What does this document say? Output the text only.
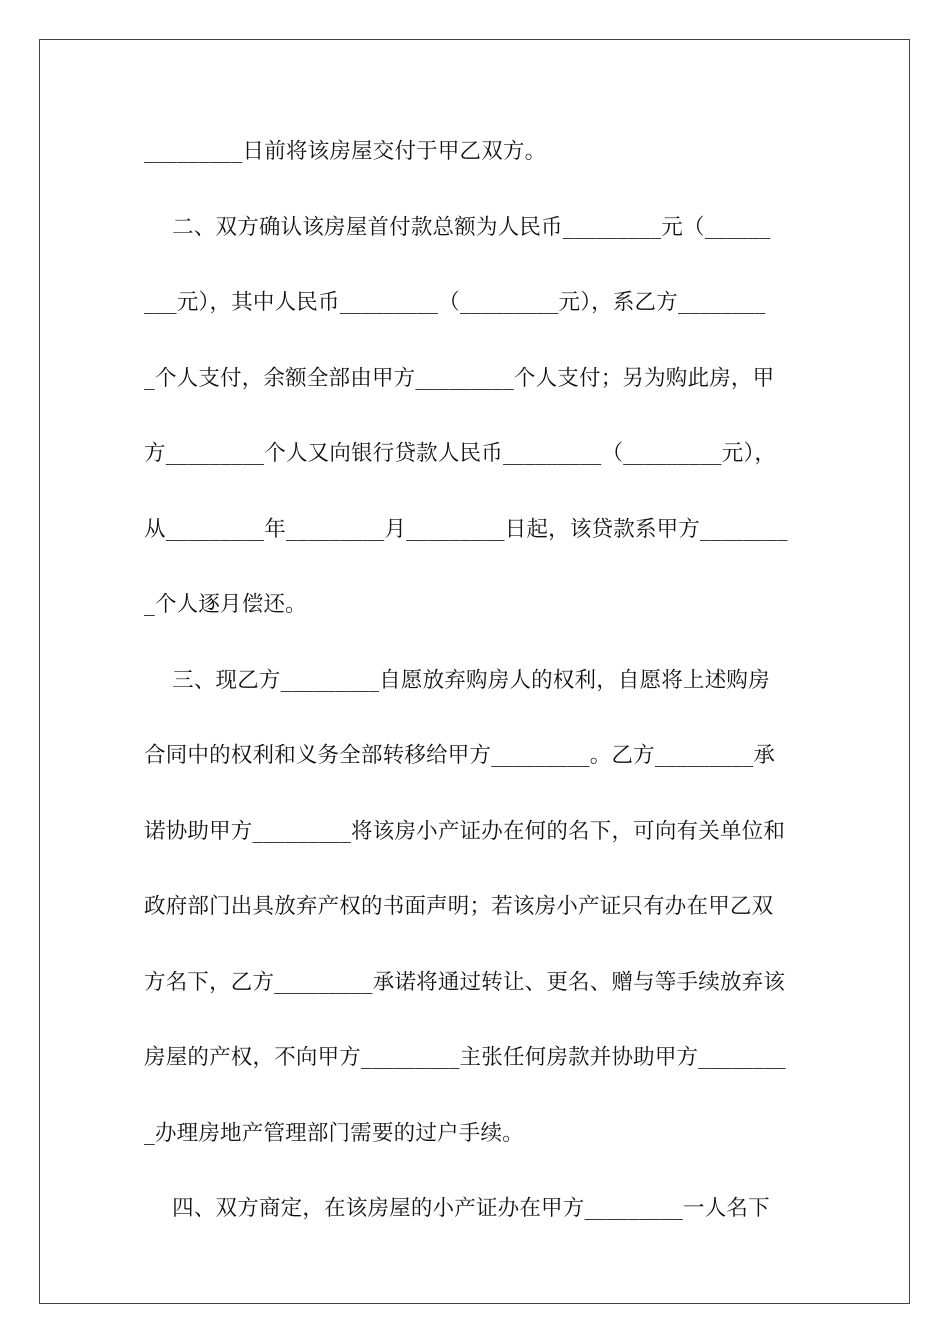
_________日前将该房屋交付于甲乙双方。
二、双方确认该房屋首付款总额为人民币_________元（______
___元），其中人民币_________（_________元），系乙方________
_个人支付，余额全部由甲方_________个人支付；另为购此房，甲
方_________个人又向银行贷款人民币_________（_________元），
从_________年_________月_________日起，该贷款系甲方________
_个人逐月偿还。
三、现乙方_________自愿放弃购房人的权利，自愿将上述购房
合同中的权利和义务全部转移给甲方_________。乙方_________承
诺协助甲方_________将该房小产证办在何的名下，可向有关单位和
政府部门出具放弃产权的书面声明；若该房小产证只有办在甲乙双
方名下，乙方_________承诺将通过转让、更名、赠与等手续放弃该
房屋的产权，不向甲方_________主张任何房款并协助甲方________
_办理房地产管理部门需要的过户手续。
四、双方商定，在该房屋的小产证办在甲方_________一人名下
